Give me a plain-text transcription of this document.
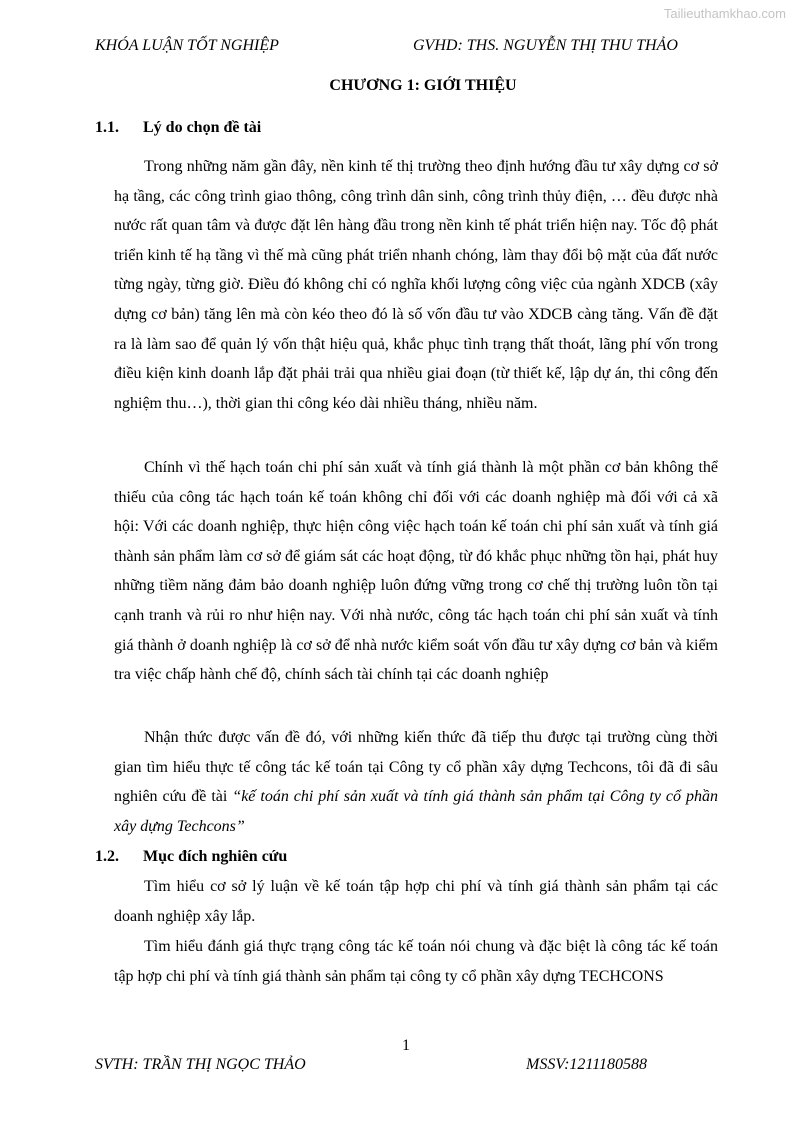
Tailieuthamkhao.com
KHÓA LUẬN TỐT NGHIỆP	GVHD: THS. NGUYỄN THỊ THU THẢO
CHƯƠNG 1: GIỚI THIỆU
1.1. Lý do chọn đề tài

Trong những năm gần đây, nền kinh tế thị trường theo định hướng đầu tư xây dựng cơ sở hạ tầng, các công trình giao thông, công trình dân sinh, công trình thủy điện, … đều được nhà nước rất quan tâm và được đặt lên hàng đầu trong nền kinh tế phát triển hiện nay. Tốc độ phát triển kinh tế hạ tầng vì thế mà cũng phát triển nhanh chóng, làm thay đổi bộ mặt của đất nước từng ngày, từng giờ. Điều đó không chỉ có nghĩa khối lượng công việc của ngành XDCB (xây dựng cơ bản) tăng lên mà còn kéo theo đó là số vốn đầu tư vào XDCB càng tăng. Vấn đề đặt ra là làm sao để quản lý vốn thật hiệu quả, khắc phục tình trạng thất thoát, lãng phí vốn trong điều kiện kinh doanh lắp đặt phải trải qua nhiều giai đoạn (từ thiết kế, lập dự án, thi công đến nghiệm thu…), thời gian thi công kéo dài nhiều tháng, nhiều năm.

Chính vì thế hạch toán chi phí sản xuất và tính giá thành là một phần cơ bản không thể thiếu của công tác hạch toán kế toán không chỉ đối với các doanh nghiệp mà đối với cả xã hội: Với các doanh nghiệp, thực hiện công việc hạch toán kế toán chi phí sản xuất và tính giá thành sản phẩm làm cơ sở để giám sát các hoạt động, từ đó khắc phục những tồn hại, phát huy những tiềm năng đảm bảo doanh nghiệp luôn đứng vững trong cơ chế thị trường luôn tồn tại cạnh tranh và rủi ro như hiện nay. Với nhà nước, công tác hạch toán chi phí sản xuất và tính giá thành ở doanh nghiệp là cơ sở để nhà nước kiểm soát vốn đầu tư xây dựng cơ bản và kiểm tra việc chấp hành chế độ, chính sách tài chính tại các doanh nghiệp

Nhận thức được vấn đề đó, với những kiến thức đã tiếp thu được tại trường cùng thời gian tìm hiểu thực tế công tác kế toán tại Công ty cổ phần xây dựng Techcons, tôi đã đi sâu nghiên cứu đề tài “kế toán chi phí sản xuất và tính giá thành sản phẩm tại Công ty cổ phần xây dựng Techcons”

1.2. Mục đích nghiên cứu

Tìm hiểu cơ sở lý luận về kế toán tập hợp chi phí và tính giá thành sản phẩm tại các doanh nghiệp xây lắp.

Tìm hiểu đánh giá thực trạng công tác kế toán nói chung và đặc biệt là công tác kế toán tập hợp chi phí và tính giá thành sản phẩm tại công ty cổ phần xây dựng TECHCONS

1
SVTH: TRẦN THỊ NGỌC THẢO	MSSV:1211180588
